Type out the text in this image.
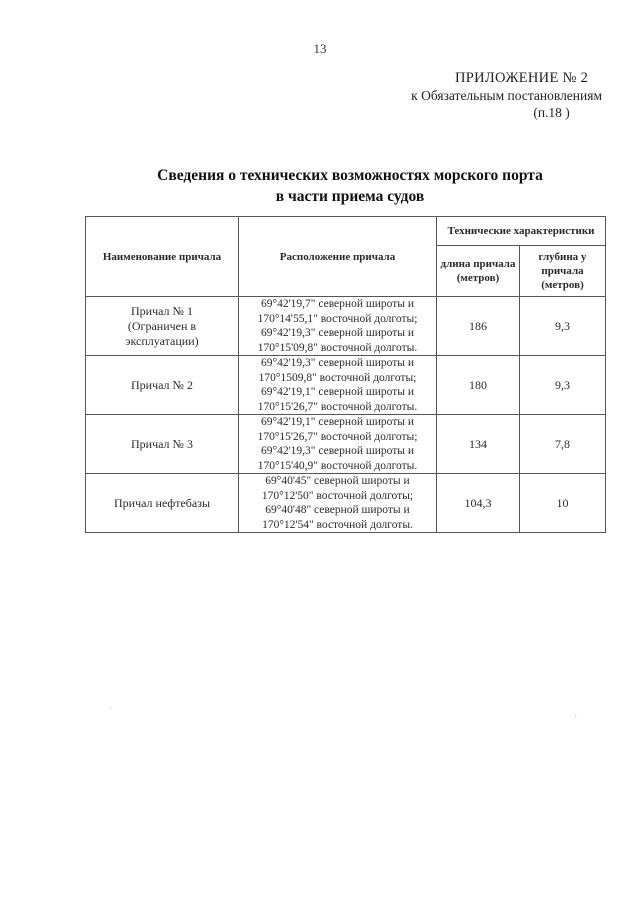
13
ПРИЛОЖЕНИЕ № 2
к Обязательным постановлениям
(п.18 )
Сведения о технических возможностях морского порта
в части приема судов
Наименование причала	Расположение причала	Технические характеристики	
		длина причала (метров)	глубина у причала (метров)

Причал № 1
(Ограничен в
эксплуатации)	69°42'19,7" северной широты и
170°14'55,1" восточной долготы;
69°42'19,3" северной широты и
170°15'09,8" восточной долготы.	186	9,3

Причал № 2	69°42'19,3" северной широты и
170°1509,8" восточной долготы;
69°42'19,1" северной широты и
170°15'26,7" восточной долготы.	180	9,3

Причал № 3	69°42'19,1" северной широты и
170°15'26,7" восточной долготы;
69°42'19,3" северной широты и
170°15'40,9" восточной долготы.	134	7,8

Причал нефтебазы	69°40'45" северной широты и
170°12'50" восточной долготы;
69°40'48" северной широты и
170°12'54" восточной долготы.	104,3	10
'
'
